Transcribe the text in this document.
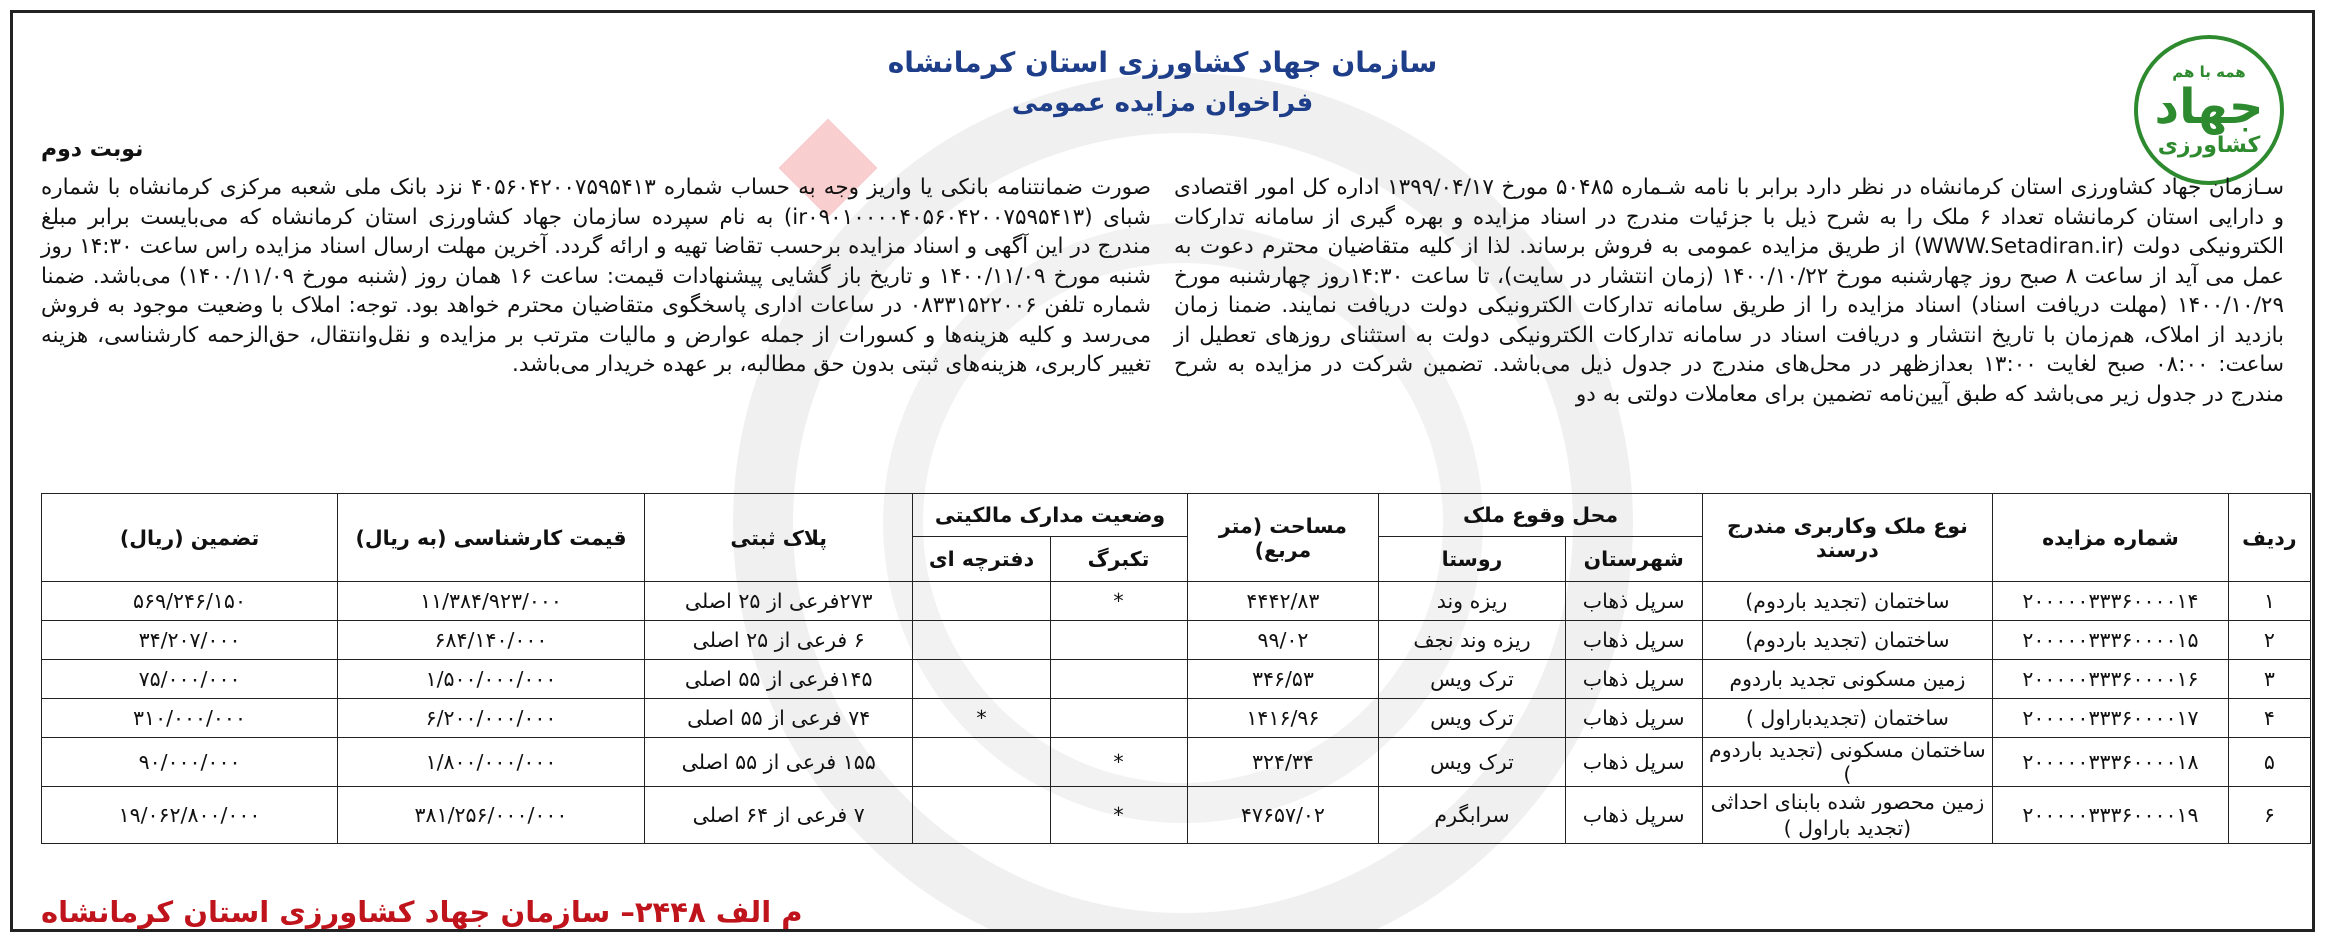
همه با هم
جهاد
کشاورزی
سازمان جهاد کشاورزی استان کرمانشاه
فراخوان مزایده عمومی
نوبت دوم
سـازمان جهاد کشاورزی استان کرمانشاه در نظر دارد برابر با نامه شـماره ۵۰۴۸۵ مورخ ۱۳۹۹/۰۴/۱۷ اداره کل امور اقتصادی و دارایی استان کرمانشاه تعداد ۶ ملک را به شرح ذیل با جزئیات مندرج در اسناد مزایده و بهره گیری از سامانه تدارکات الکترونیکی دولت (WWW.Setadiran.ir) از طریق مزایده عمومی به فروش برساند. لذا از کلیه متقاضیان محترم دعوت به عمل می آید از ساعت ۸ صبح روز چهارشنبه مورخ ۱۴۰۰/۱۰/۲۲ (زمان انتشار در سایت)، تا ساعت ۱۴:۳۰روز چهارشنبه مورخ ۱۴۰۰/۱۰/۲۹ (مهلت دریافت اسناد) اسناد مزایده را از طریق سامانه تدارکات الکترونیکی دولت دریافت نمایند. ضمنا زمان بازدید از املاک، هم‌زمان با تاریخ انتشار و دریافت اسناد در سامانه تدارکات الکترونیکی دولت به استثنای روزهای تعطیل از ساعت: ۰۸:۰۰ صبح لغایت ۱۳:۰۰ بعدازظهر در محل‌های مندرج در جدول ذیل می‌باشد. تضمین شرکت در مزایده به شرح مندرج در جدول زیر می‌باشد که طبق آیین‌نامه تضمین برای معاملات دولتی به دو
صورت ضمانتنامه بانکی یا واریز وجه به حساب شماره ۴۰۵۶۰۴۲۰۰۷۵۹۵۴۱۳ نزد بانک ملی شعبه مرکزی کرمانشاه با شماره شبای (ir۰۹۰۱۰۰۰۰۴۰۵۶۰۴۲۰۰۷۵۹۵۴۱۳) به نام سپرده سازمان جهاد کشاورزی استان کرمانشاه که می‌بایست برابر مبلغ مندرج در این آگهی و اسناد مزایده برحسب تقاضا تهیه و ارائه گردد. آخرین مهلت ارسال اسناد مزایده راس ساعت ۱۴:۳۰ روز شنبه مورخ ۱۴۰۰/۱۱/۰۹ و تاریخ باز گشایی پیشنهادات قیمت: ساعت ۱۶ همان روز (شنبه مورخ ۱۴۰۰/۱۱/۰۹) می‌باشد. ضمنا شماره تلفن ۰۸۳۳۱۵۲۲۰۰۶ در ساعات اداری پاسخگوی متقاضیان محترم خواهد بود. توجه: املاک با وضعیت موجود به فروش می‌رسد و کلیه هزینه‌ها و کسورات از جمله عوارض و مالیات مترتب بر مزایده و نقل‌وانتقال، حق‌الزحمه کارشناسی، هزینه تغییر کاربری، هزینه‌های ثبتی بدون حق مطالبه، بر عهده خریدار می‌باشد.
ردیف	شماره مزایده	نوع ملک وکاربری مندرج درسند	محل وقوع ملک		مساحت (متر مربع)	وضعیت مدارک مالکیتی		پلاک ثبتی	قیمت کارشناسی (به ریال)	تضمین (ریال)
			شهرستان	روستا		تکبرگ	دفترچه ای			
۱	۲۰۰۰۰۰۳۳۳۶۰۰۰۰۱۴	ساختمان (تجدید باردوم)	سرپل ذهاب	ریزه وند	۴۴۴۲/۸۳	*		۲۷۳فرعی از ۲۵ اصلی	۱۱/۳۸۴/۹۲۳/۰۰۰	۵۶۹/۲۴۶/۱۵۰
۲	۲۰۰۰۰۰۳۳۳۶۰۰۰۰۱۵	ساختمان (تجدید باردوم)	سرپل ذهاب	ریزه وند نجف	۹۹/۰۲			۶ فرعی از ۲۵ اصلی	۶۸۴/۱۴۰/۰۰۰	۳۴/۲۰۷/۰۰۰
۳	۲۰۰۰۰۰۳۳۳۶۰۰۰۰۱۶	زمین مسکونی تجدید باردوم	سرپل ذهاب	ترک ویس	۳۴۶/۵۳			۱۴۵فرعی از ۵۵ اصلی	۱/۵۰۰/۰۰۰/۰۰۰	۷۵/۰۰۰/۰۰۰
۴	۲۰۰۰۰۰۳۳۳۶۰۰۰۰۱۷	ساختمان (تجدیدباراول )	سرپل ذهاب	ترک ویس	۱۴۱۶/۹۶		*	۷۴ فرعی از ۵۵ اصلی	۶/۲۰۰/۰۰۰/۰۰۰	۳۱۰/۰۰۰/۰۰۰
۵	۲۰۰۰۰۰۳۳۳۶۰۰۰۰۱۸	ساختمان مسکونی (تجدید باردوم )	سرپل ذهاب	ترک ویس	۳۲۴/۳۴	*		۱۵۵ فرعی از ۵۵ اصلی	۱/۸۰۰/۰۰۰/۰۰۰	۹۰/۰۰۰/۰۰۰
۶	۲۰۰۰۰۰۳۳۳۶۰۰۰۰۱۹	زمین محصور شده بابنای احداثی (تجدید باراول )	سرپل ذهاب	سرابگرم	۴۷۶۵۷/۰۲	*		۷ فرعی از ۶۴ اصلی	۳۸۱/۲۵۶/۰۰۰/۰۰۰	۱۹/۰۶۲/۸۰۰/۰۰۰
م الف ۲۴۴۸– سازمان جهاد کشاورزی استان کرمانشاه
